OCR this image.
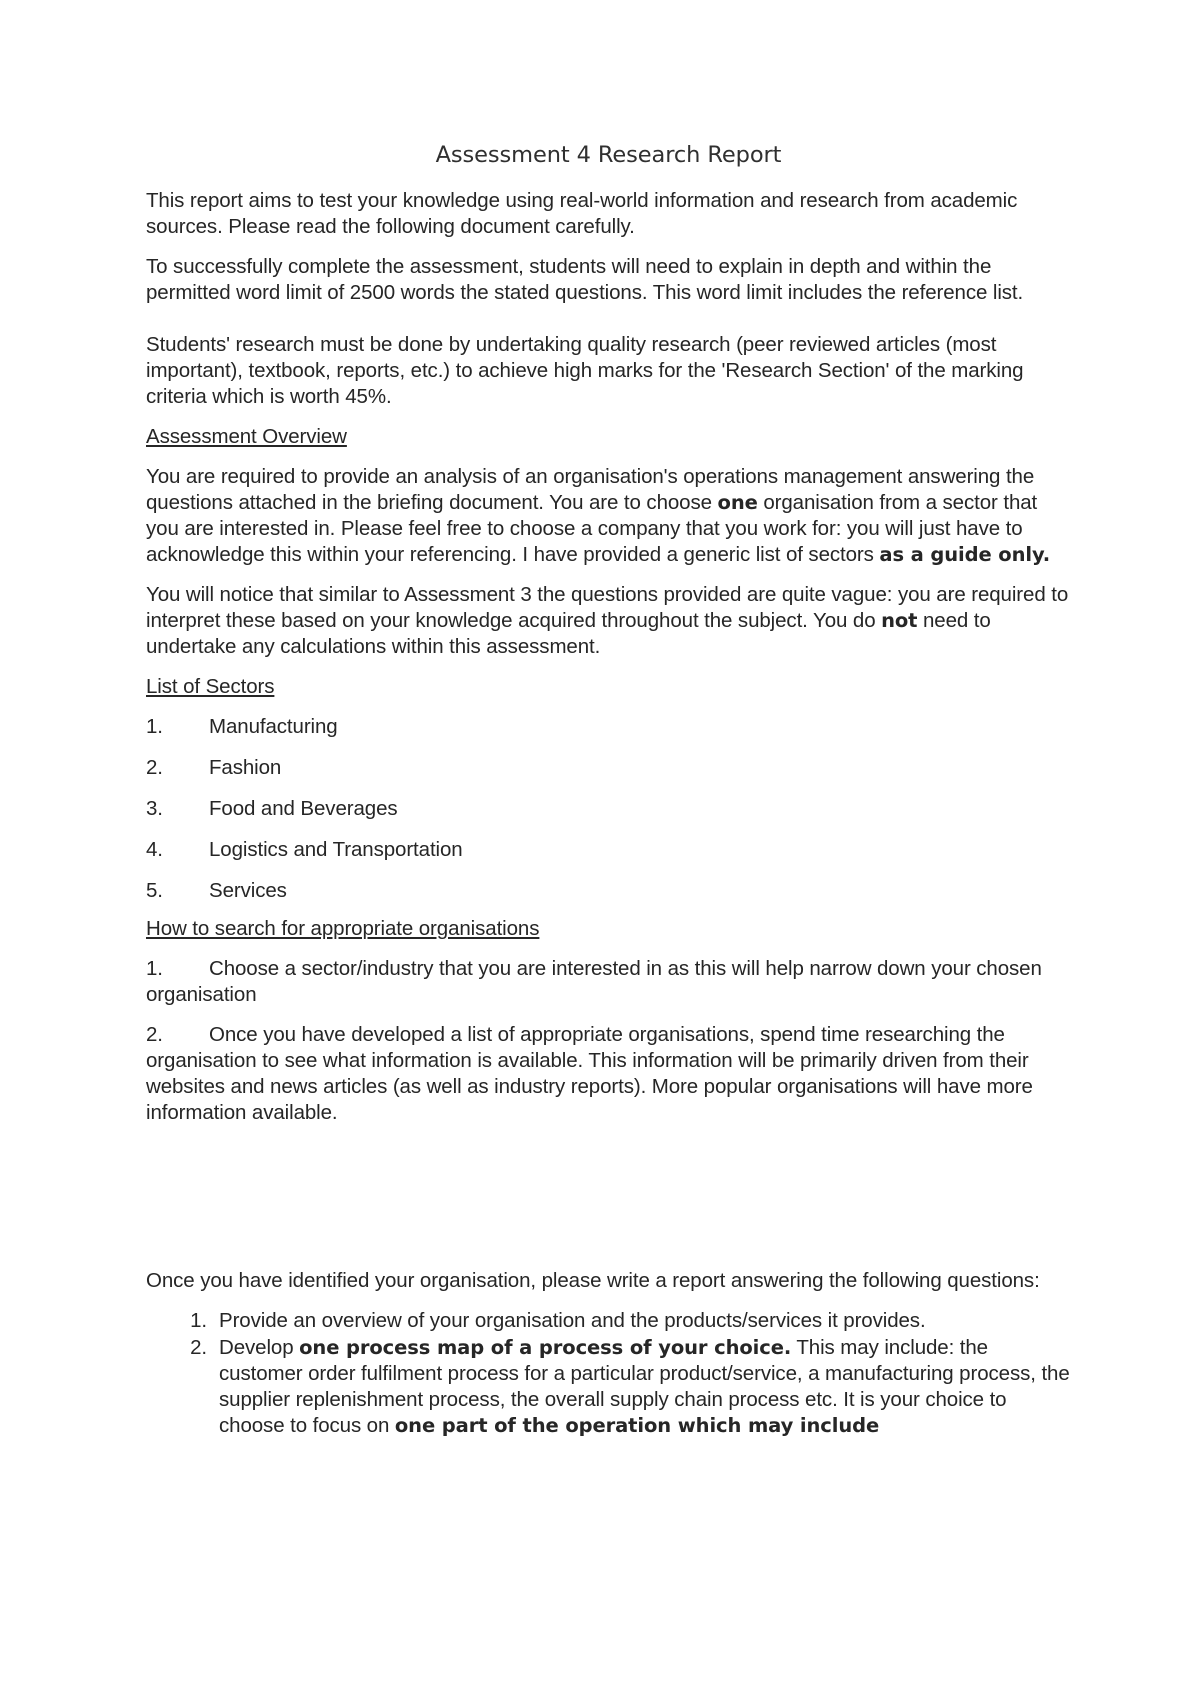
Assessment 4 Research Report

This report aims to test your knowledge using real-world information and research from academic sources. Please read the following document carefully.

To successfully complete the assessment, students will need to explain in depth and within the permitted word limit of 2500 words the stated questions. This word limit includes the reference list.

Students' research must be done by undertaking quality research (peer reviewed articles (most important), textbook, reports, etc.) to achieve high marks for the 'Research Section' of the marking criteria which is worth 45%.

Assessment Overview

You are required to provide an analysis of an organisation's operations management answering the questions attached in the briefing document. You are to choose one organisation from a sector that you are interested in. Please feel free to choose a company that you work for: you will just have to acknowledge this within your referencing. I have provided a generic list of sectors as a guide only.

You will notice that similar to Assessment 3 the questions provided are quite vague: you are required to interpret these based on your knowledge acquired throughout the subject. You do not need to undertake any calculations within this assessment.

List of Sectors
1.	Manufacturing
2.	Fashion
3.	Food and Beverages
4.	Logistics and Transportation
5.	Services
How to search for appropriate organisations

1. Choose a sector/industry that you are interested in as this will help narrow down your chosen organisation

2. Once you have developed a list of appropriate organisations, spend time researching the organisation to see what information is available. This information will be primarily driven from their websites and news articles (as well as industry reports). More popular organisations will have more information available.

Once you have identified your organisation, please write a report answering the following questions:

1. Provide an overview of your organisation and the products/services it provides.
2. Develop one process map of a process of your choice. This may include: the customer order fulfilment process for a particular product/service, a manufacturing process, the supplier replenishment process, the overall supply chain process etc. It is your choice to choose to focus on one part of the operation which may include
